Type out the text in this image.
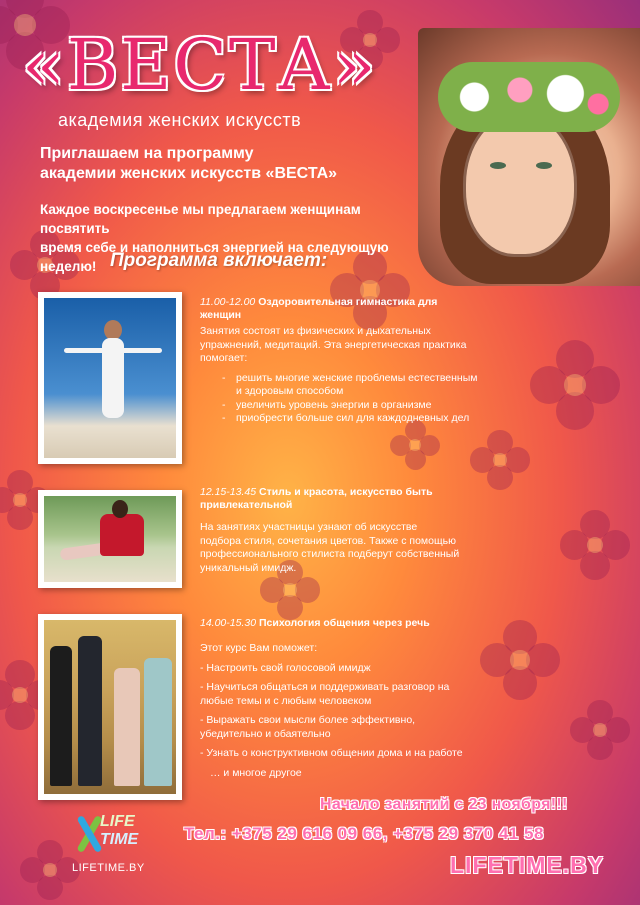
«ВЕСТА»
академия женских искусств
Приглашаем на программу
академии женских искусств «ВЕСТА»
Каждое воскресенье мы предлагаем женщинам посвятить
время себе и наполниться энергией на следующую неделю! Программа включает:
11.00-12.00 Оздоровительная гимнастика для женщин

Занятия состоят из физических и дыхательных упражнений, медитаций. Эта энергетическая практика помогает:

- решить многие женские проблемы естественным и здоровым способом
- увеличить уровень энергии в организме
- приобрести больше сил для каждодневных дел
12.15-13.45 Стиль и красота, искусство быть привлекательной

На занятиях участницы узнают об искусстве подбора стиля, сочетания цветов. Также с помощью профессионального стилиста подберут собственный уникальный имидж.

14.00-15.30 Психология общения через речь

Этот курс Вам поможет:

- Настроить свой голосовой имидж

- Научиться общаться и поддерживать разговор на любые темы и с любым человеком

- Выражать свои мысли более эффективно, убедительно и обаятельно

- Узнать о конструктивном общении дома и на работе

… и многое другое

Начало занятий с 23 ноября!!!
Тел.: +375 29 616 09 66, +375 29 370 41 58
LIFETIME.BY
LIFE
TIME
LIFETIME.BY
